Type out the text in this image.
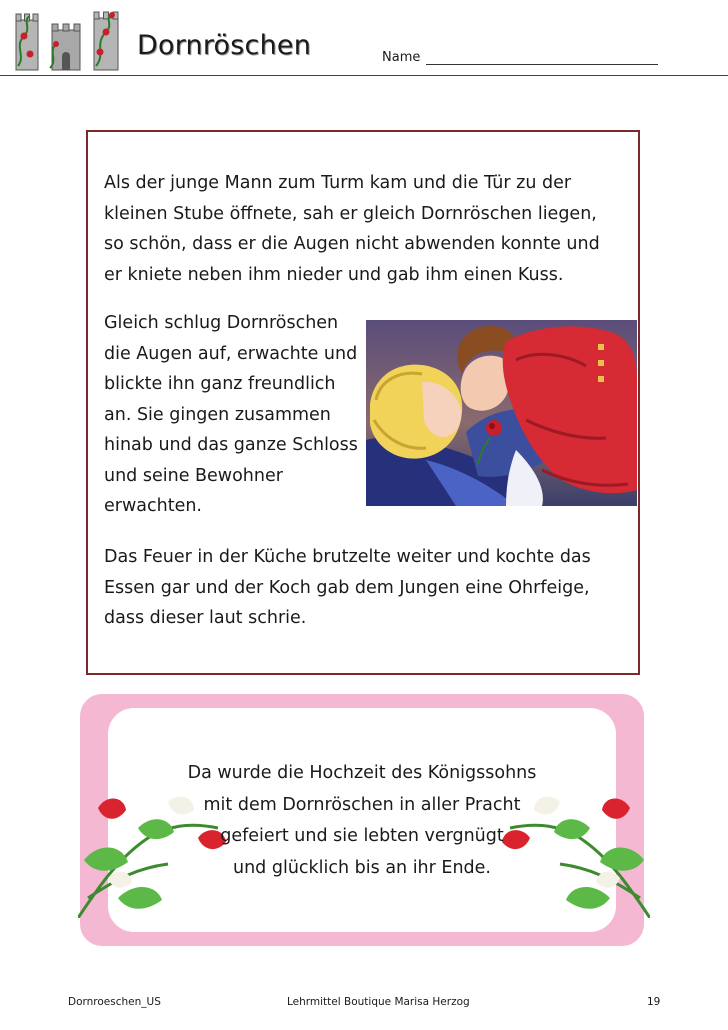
Dornröschen	Name

Als der junge Mann zum Turm kam und die Tür zu der kleinen Stube öffnete, sah er gleich Dornröschen liegen, so schön, dass er die Augen nicht abwenden konnte und er kniete neben ihm nieder und gab ihm einen Kuss.

Gleich schlug Dornröschen die Augen auf, erwachte und blickte ihn ganz freundlich an. Sie gingen zusammen hinab und das ganze Schloss und seine Bewohner erwachten.

Das Feuer in der Küche brutzelte weiter und kochte das Essen gar und der Koch gab dem Jungen eine Ohrfeige, dass dieser laut schrie.

Da wurde die Hochzeit des Königssohns
mit dem Dornröschen in aller Pracht
gefeiert und sie lebten vergnügt
und glücklich bis an ihr Ende.

Dornroeschen_US	Lehrmittel Boutique Marisa Herzog	19
